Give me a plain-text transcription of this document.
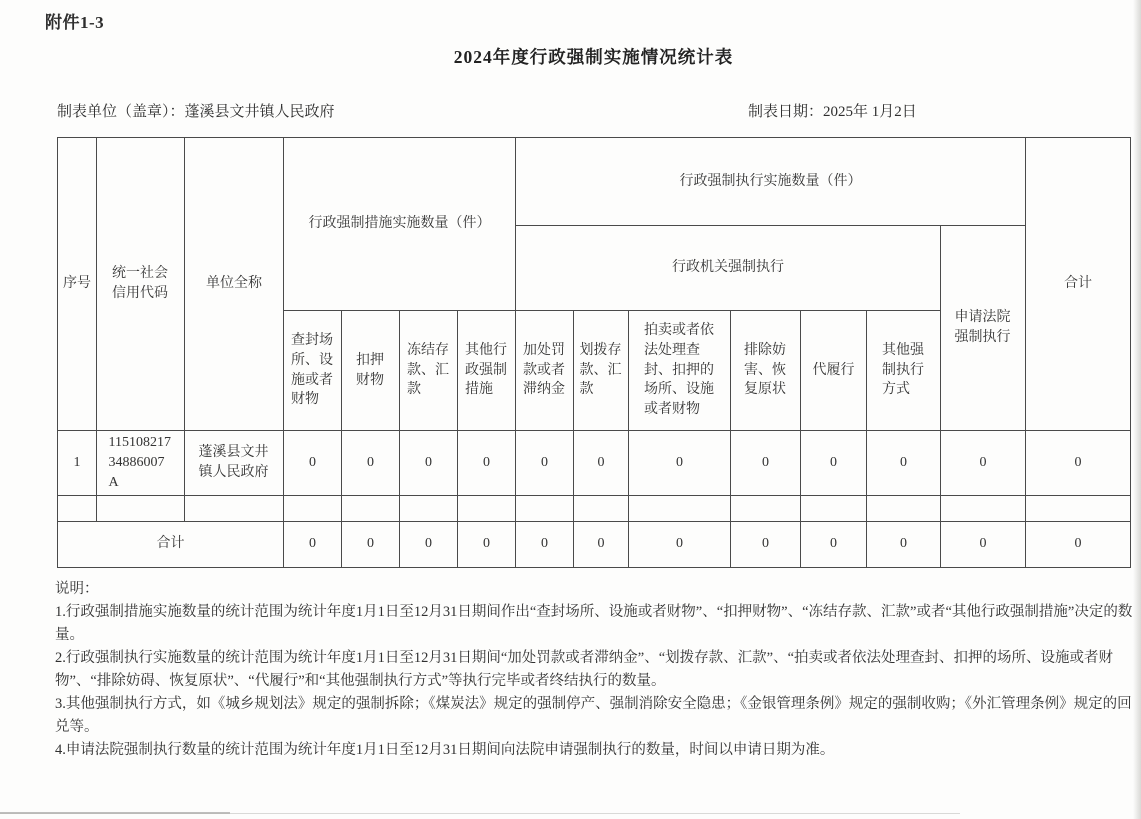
附件1-3
2024年度行政强制实施情况统计表
制表单位（盖章）：蓬溪县文井镇人民政府	制表日期：2025年 1月2日
序号	统一社会信用代码	单位全称	行政强制措施实施数量（件）				行政强制执行实施数量（件）							合计
							行政机关强制执行						申请法院强制执行	
			查封场所、设施或者财物	扣押财物	冻结存款、汇款	其他行政强制措施	加处罚款或者滞纳金	划拨存款、汇款	拍卖或者依法处理查封、扣押的场所、设施或者财物	排除妨害、恢复原状	代履行	其他强制执行方式		
1	11510821734886007A	蓬溪县文井镇人民政府	0	0	0	0	0	0	0	0	0	0	0	0

合计			0	0	0	0	0	0	0	0	0	0	0	0
说明：
1.行政强制措施实施数量的统计范围为统计年度1月1日至12月31日期间作出“查封场所、设施或者财物”、“扣押财物”、“冻结存款、汇款”或者“其他行政强制措施”决定的数量。
2.行政强制执行实施数量的统计范围为统计年度1月1日至12月31日期间“加处罚款或者滞纳金”、“划拨存款、汇款”、“拍卖或者依法处理查封、扣押的场所、设施或者财物”、“排除妨碍、恢复原状”、“代履行”和“其他强制执行方式”等执行完毕或者终结执行的数量。
3.其他强制执行方式，如《城乡规划法》规定的强制拆除；《煤炭法》规定的强制停产、强制消除安全隐患；《金银管理条例》规定的强制收购；《外汇管理条例》规定的回兑等。
4.申请法院强制执行数量的统计范围为统计年度1月1日至12月31日期间向法院申请强制执行的数量，时间以申请日期为准。
